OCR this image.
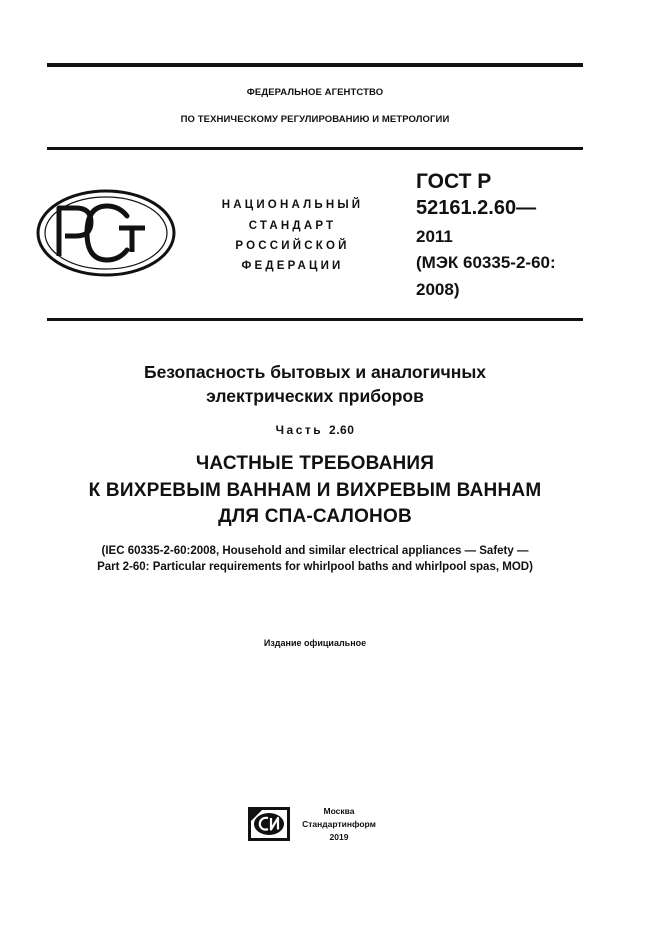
ФЕДЕРАЛЬНОЕ АГЕНТСТВО
ПО ТЕХНИЧЕСКОМУ РЕГУЛИРОВАНИЮ И МЕТРОЛОГИИ
НАЦИОНАЛЬНЫЙ
СТАНДАРТ
РОССИЙСКОЙ
ФЕДЕРАЦИИ
ГОСТ Р
52161.2.60—
2011
(МЭК 60335-2-60:
2008)
Безопасность бытовых и аналогичных
электрических приборов
Часть 2.60
ЧАСТНЫЕ ТРЕБОВАНИЯ
К ВИХРЕВЫМ ВАННАМ И ВИХРЕВЫМ ВАННАМ
ДЛЯ СПА-САЛОНОВ
(IEC 60335-2-60:2008, Household and similar electrical appliances — Safety —
Part 2-60: Particular requirements for whirlpool baths and whirlpool spas, MOD)
Издание официальное
Москва
Стандартинформ
2019
